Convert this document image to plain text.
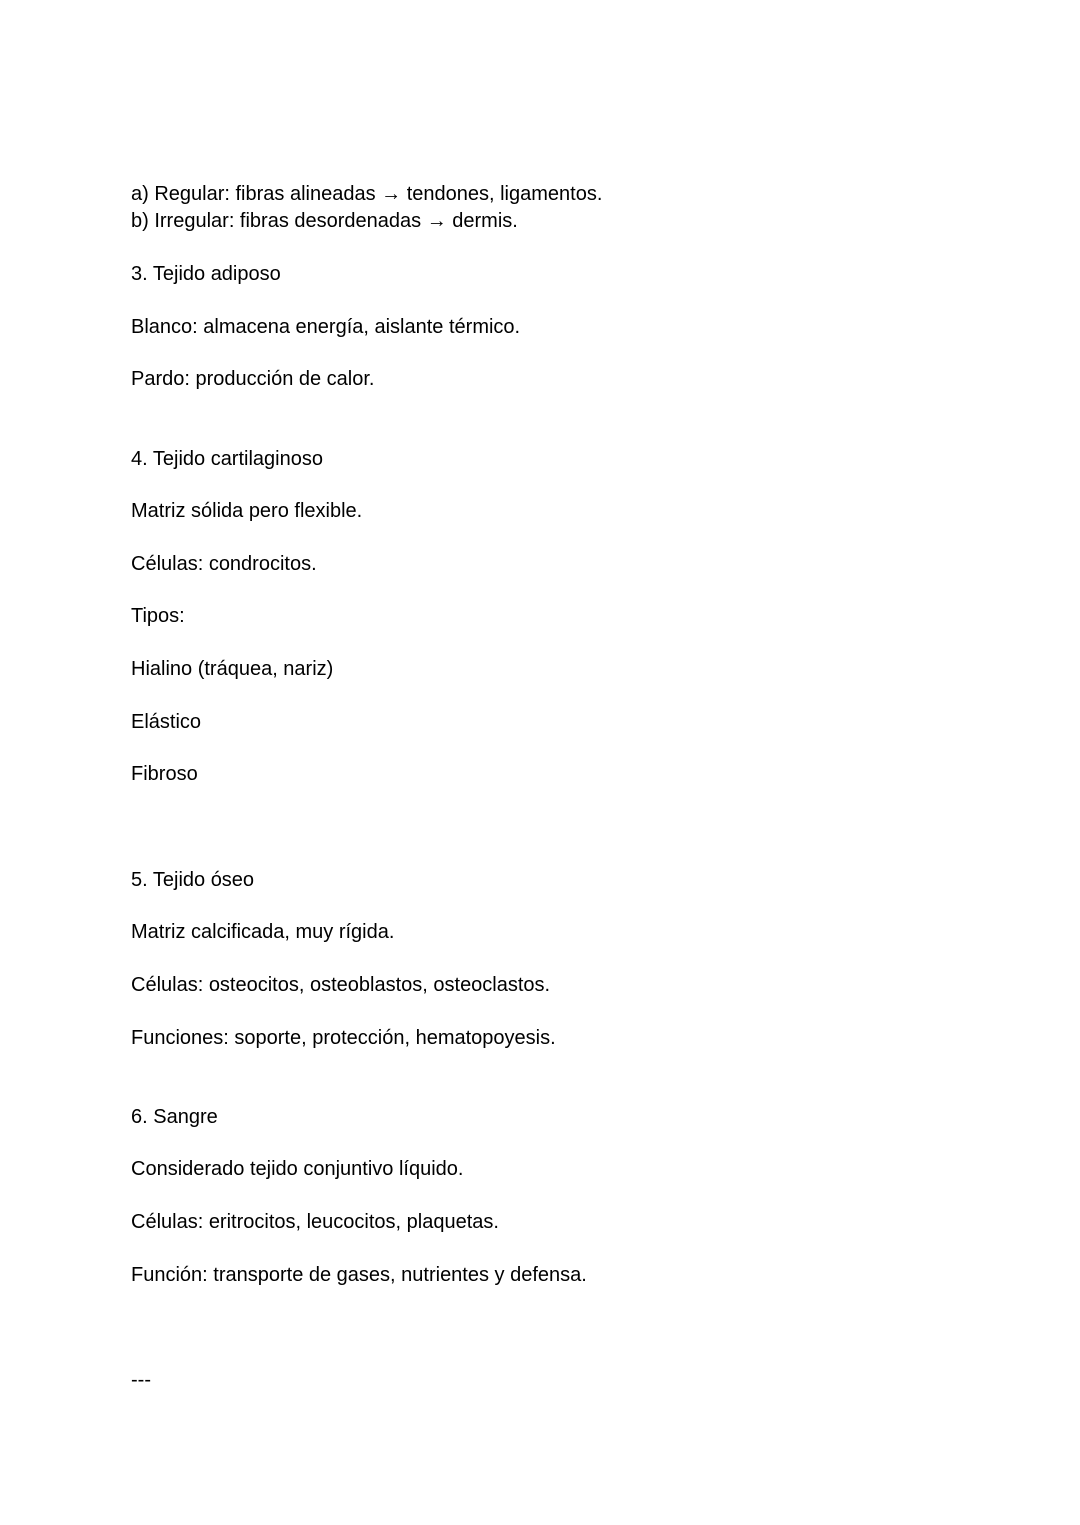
a) Regular: fibras alineadas → tendones, ligamentos.

b) Irregular: fibras desordenadas → dermis.

3. Tejido adiposo

Blanco: almacena energía, aislante térmico.

Pardo: producción de calor.

4. Tejido cartilaginoso

Matriz sólida pero flexible.

Células: condrocitos.

Tipos:

Hialino (tráquea, nariz)

Elástico

Fibroso

5. Tejido óseo

Matriz calcificada, muy rígida.

Células: osteocitos, osteoblastos, osteoclastos.

Funciones: soporte, protección, hematopoyesis.

6. Sangre

Considerado tejido conjuntivo líquido.

Células: eritrocitos, leucocitos, plaquetas.

Función: transporte de gases, nutrientes y defensa.

---
